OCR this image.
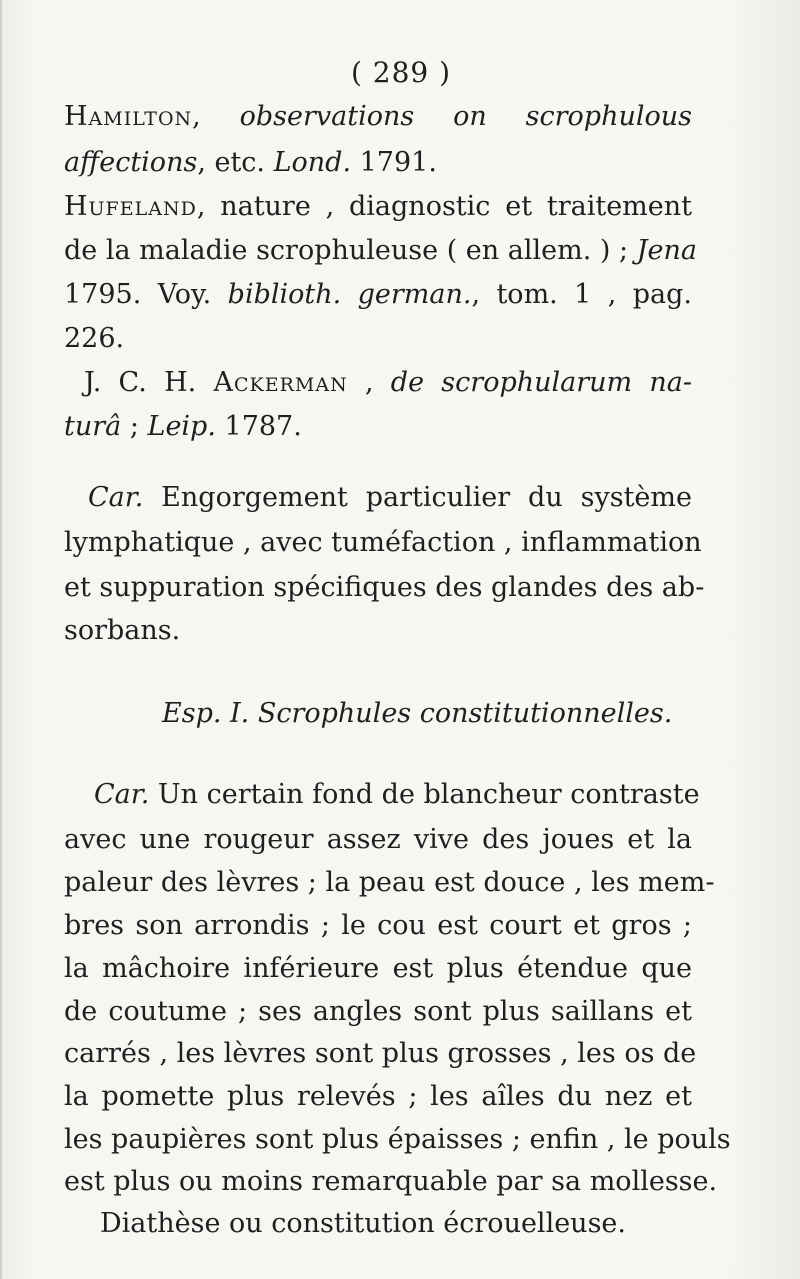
( 289 )
Hamilton, observations on scrophulous
affections, etc. Lond. 1791.
Hufeland, nature , diagnostic et traitement
de la maladie scrophuleuse ( en allem. ) ; Jena
1795. Voy. biblioth. german., tom. 1 , pag.
226.
J. C. H. Ackerman , de scrophularum na-
turâ ; Leip. 1787.
Car. Engorgement particulier du système
lymphatique , avec tuméfaction , inflammation
et suppuration spécifiques des glandes des ab-
sorbans.
Esp. I. Scrophules constitutionnelles.
Car. Un certain fond de blancheur contraste
avec une rougeur assez vive des joues et la
paleur des lèvres ; la peau est douce , les mem-
bres son arrondis ; le cou est court et gros ;
la mâchoire inférieure est plus étendue que
de coutume ; ses angles sont plus saillans et
carrés , les lèvres sont plus grosses , les os de
la pomette plus relevés ; les aîles du nez et
les paupières sont plus épaisses ; enfin , le pouls
est plus ou moins remarquable par sa mollesse.
Diathèse ou constitution écrouelleuse.
